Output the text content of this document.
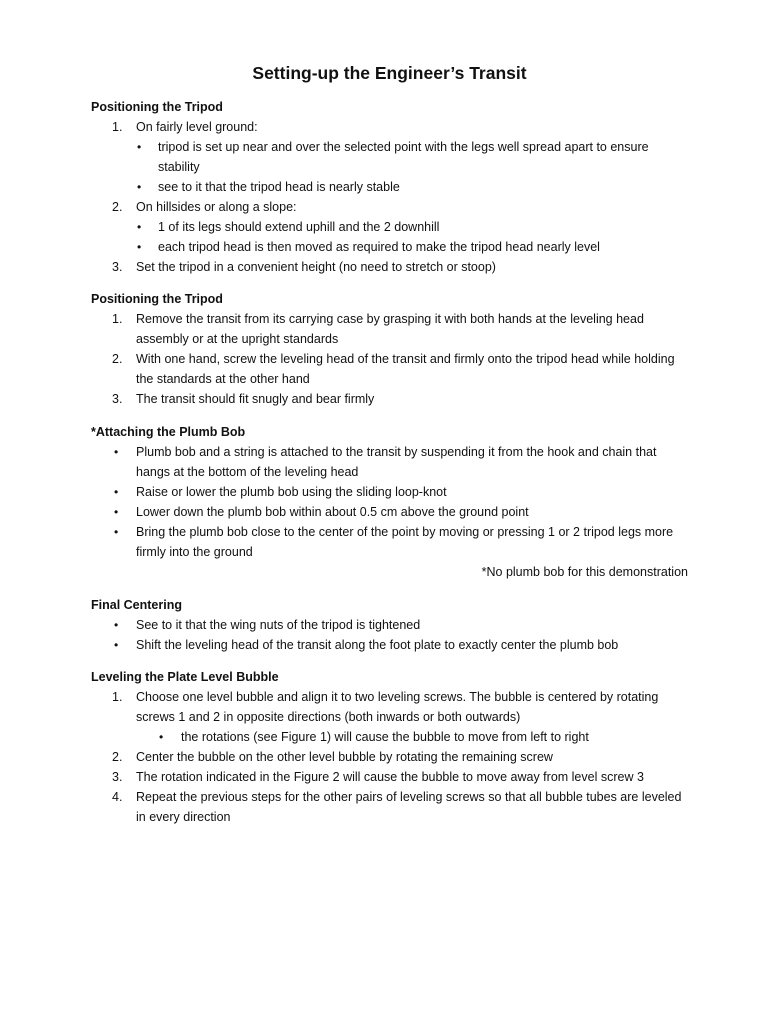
Setting-up the Engineer’s Transit
Positioning the Tripod
1. On fairly level ground:
• tripod is set up near and over the selected point with the legs well spread apart to ensure stability
• see to it that the tripod head is nearly stable
2. On hillsides or along a slope:
• 1 of its legs should extend uphill and the 2 downhill
• each tripod head is then moved as required to make the tripod head nearly level
3. Set the tripod in a convenient height (no need to stretch or stoop)
Positioning the Tripod
1. Remove the transit from its carrying case by grasping it with both hands at the leveling head assembly or at the upright standards
2. With one hand, screw the leveling head of the transit and firmly onto the tripod head while holding the standards at the other hand
3. The transit should fit snugly and bear firmly
*Attaching the Plumb Bob
• Plumb bob and a string is attached to the transit by suspending it from the hook and chain that hangs at the bottom of the leveling head
• Raise or lower the plumb bob using the sliding loop-knot
• Lower down the plumb bob within about 0.5 cm above the ground point
• Bring the plumb bob close to the center of the point by moving or pressing 1 or 2 tripod legs more firmly into the ground
*No plumb bob for this demonstration
Final Centering
• See to it that the wing nuts of the tripod is tightened
• Shift the leveling head of the transit along the foot plate to exactly center the plumb bob
Leveling the Plate Level Bubble
1. Choose one level bubble and align it to two leveling screws. The bubble is centered by rotating screws 1 and 2 in opposite directions (both inwards or both outwards)
• the rotations (see Figure 1) will cause the bubble to move from left to right
2. Center the bubble on the other level bubble by rotating the remaining screw
3. The rotation indicated in the Figure 2 will cause the bubble to move away from level screw 3
4. Repeat the previous steps for the other pairs of leveling screws so that all bubble tubes are leveled in every direction
